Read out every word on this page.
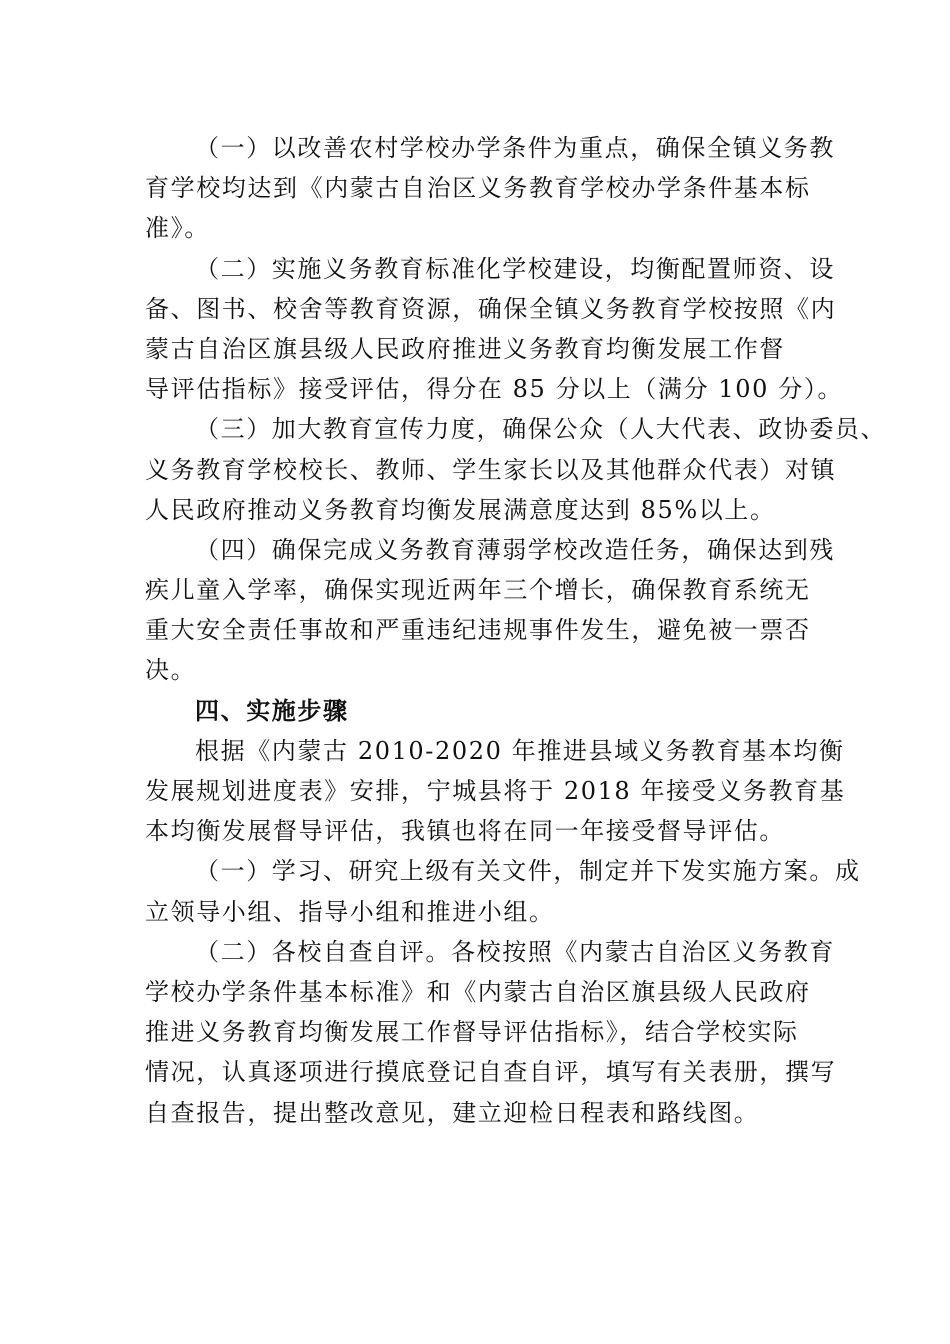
（一）以改善农村学校办学条件为重点，确保全镇义务教
育学校均达到《内蒙古自治区义务教育学校办学条件基本标
准》。
（二）实施义务教育标准化学校建设，均衡配置师资、设
备、图书、校舍等教育资源，确保全镇义务教育学校按照《内
蒙古自治区旗县级人民政府推进义务教育均衡发展工作督
导评估指标》接受评估，得分在 85 分以上（满分 100 分）。
（三）加大教育宣传力度，确保公众（人大代表、政协委员、
义务教育学校校长、教师、学生家长以及其他群众代表）对镇
人民政府推动义务教育均衡发展满意度达到 85%以上。
（四）确保完成义务教育薄弱学校改造任务，确保达到残
疾儿童入学率，确保实现近两年三个增长，确保教育系统无
重大安全责任事故和严重违纪违规事件发生，避免被一票否
决。
四、实施步骤
根据《内蒙古 2010-2020 年推进县域义务教育基本均衡
发展规划进度表》安排，宁城县将于 2018 年接受义务教育基
本均衡发展督导评估，我镇也将在同一年接受督导评估。
（一）学习、研究上级有关文件，制定并下发实施方案。成
立领导小组、指导小组和推进小组。
（二）各校自查自评。各校按照《内蒙古自治区义务教育
学校办学条件基本标准》和《内蒙古自治区旗县级人民政府
推进义务教育均衡发展工作督导评估指标》，结合学校实际
情况，认真逐项进行摸底登记自查自评，填写有关表册，撰写
自查报告，提出整改意见，建立迎检日程表和路线图。
